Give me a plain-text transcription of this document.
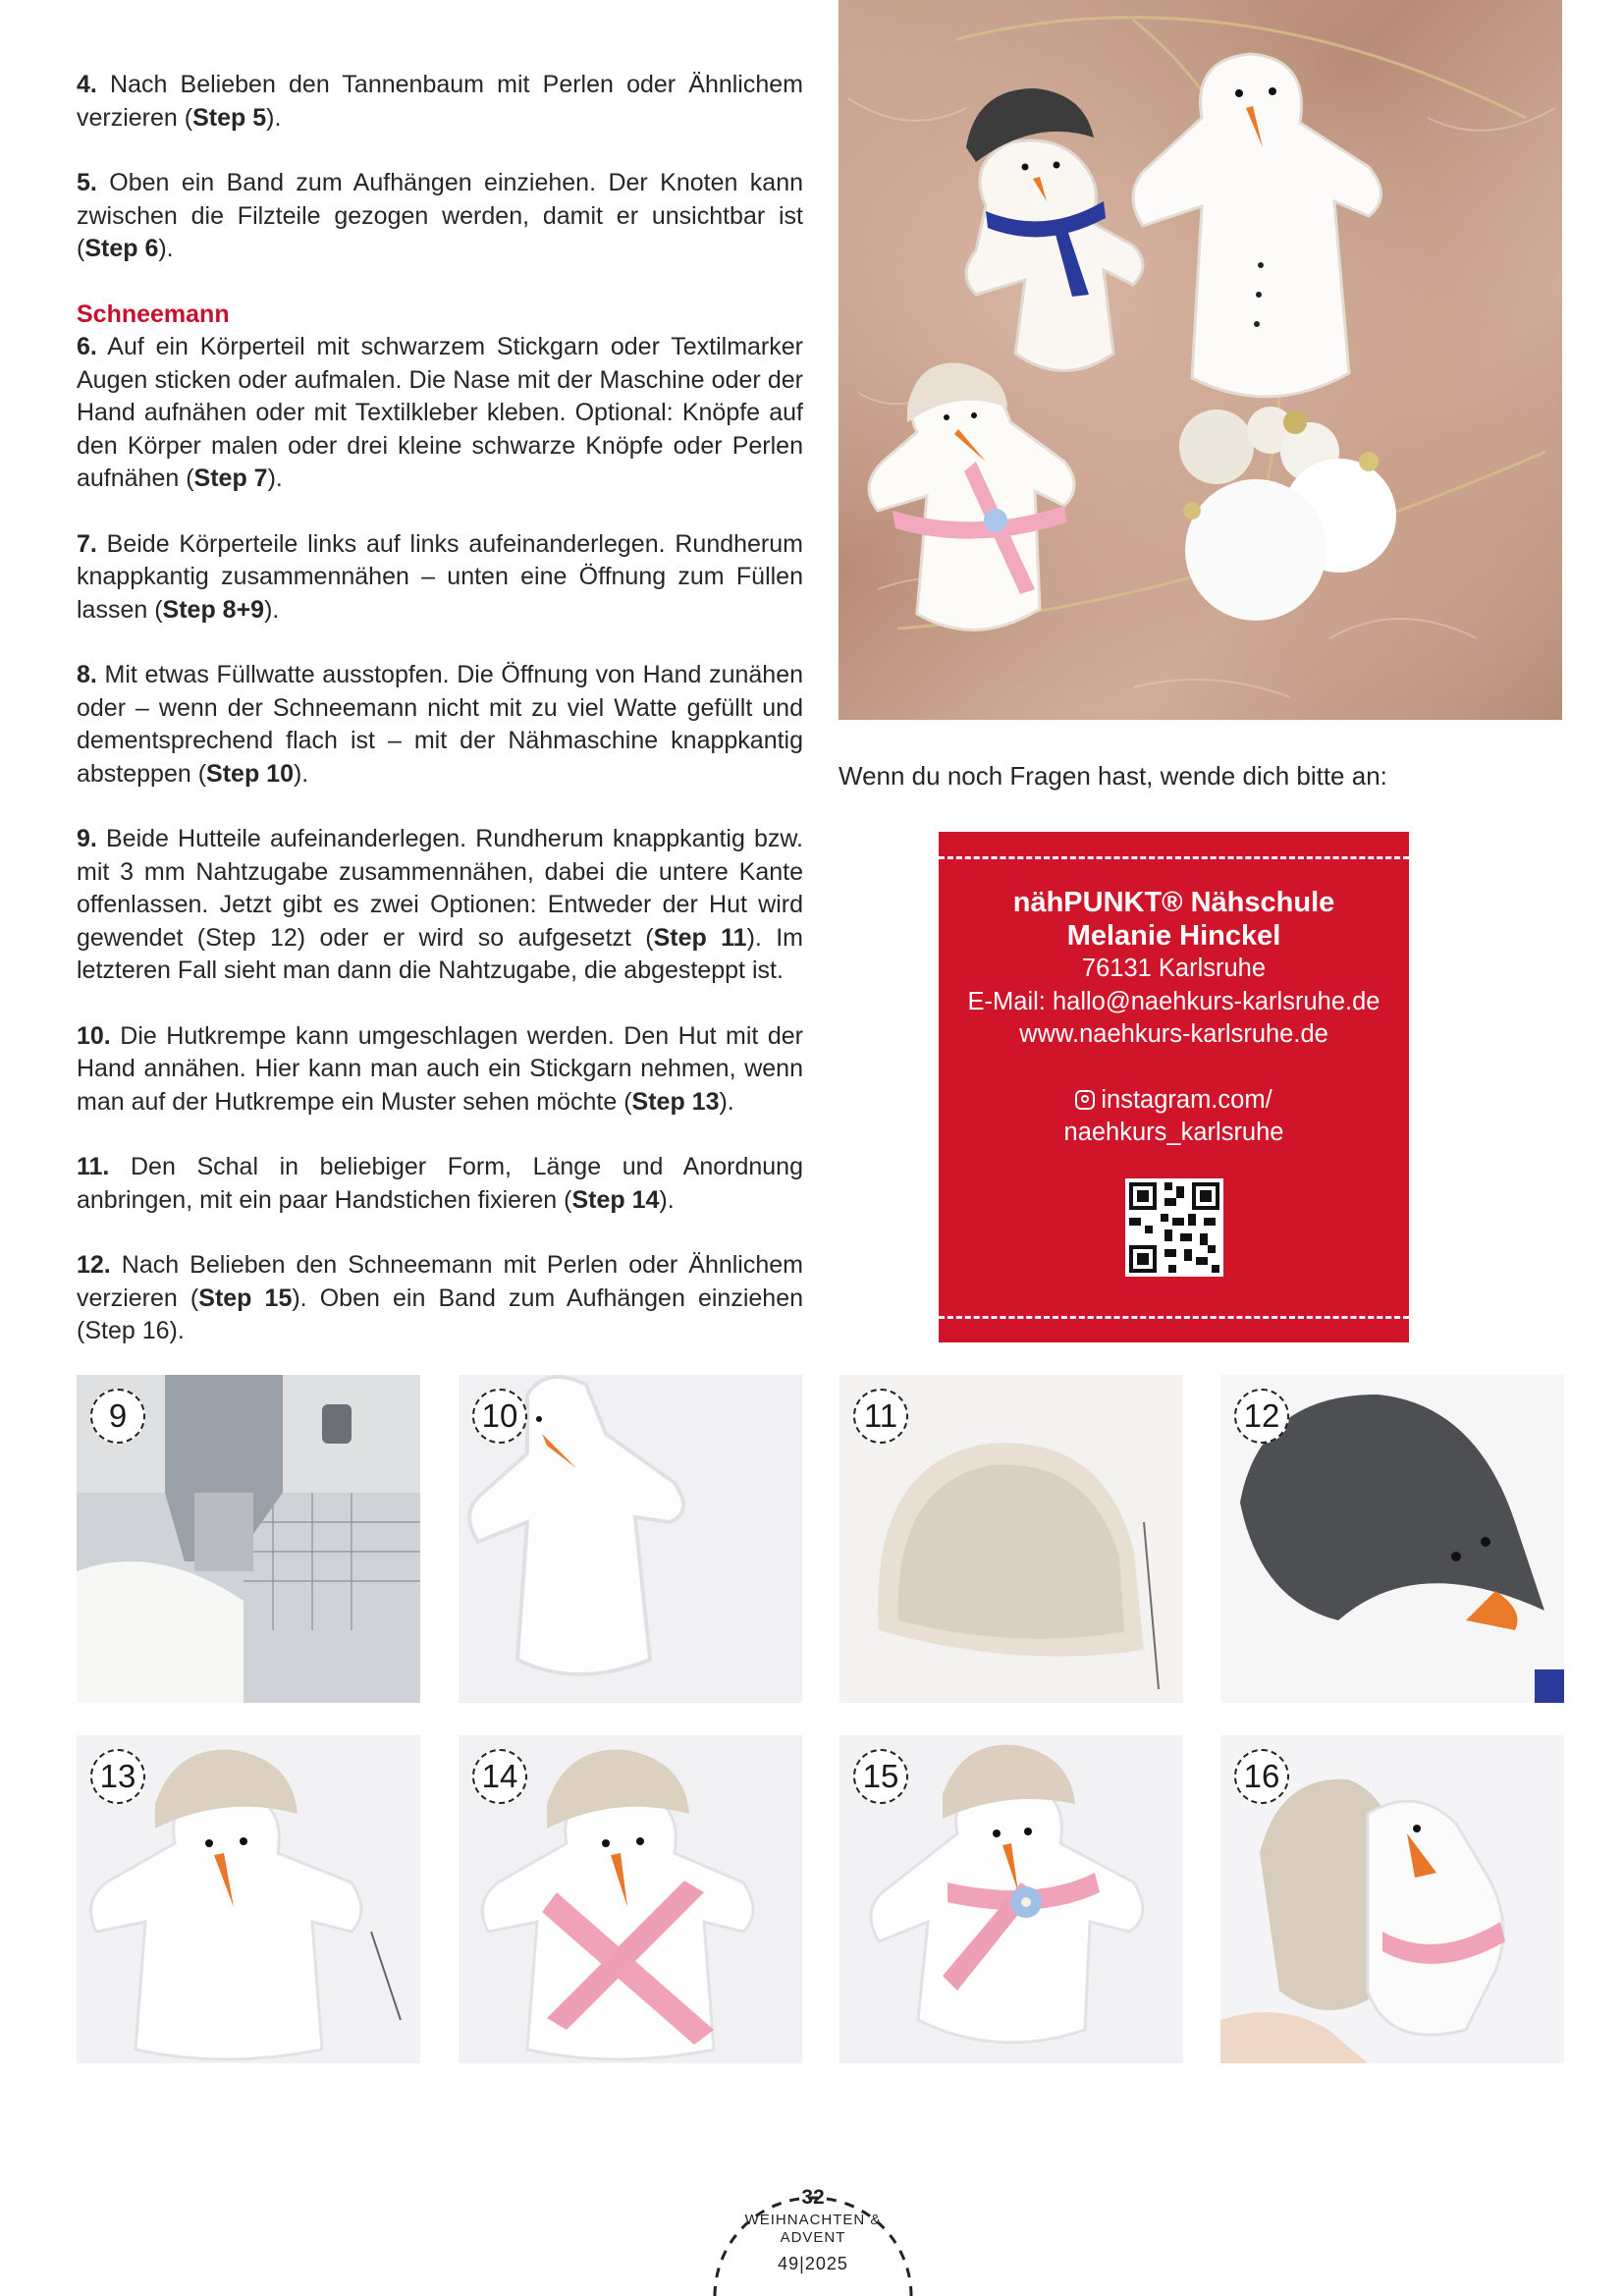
4. Nach Belieben den Tannenbaum mit Perlen oder Ähnlichem verzieren (Step 5).

5. Oben ein Band zum Aufhängen einziehen. Der Knoten kann zwischen die Filzteile gezogen werden, damit er unsichtbar ist (Step 6).

Schneemann
6. Auf ein Körperteil mit schwarzem Stickgarn oder Textilmarker Augen sticken oder aufmalen. Die Nase mit der Maschine oder der Hand aufnähen oder mit Textilkleber kleben. Optional: Knöpfe auf den Körper malen oder drei kleine schwarze Knöpfe oder Perlen aufnähen (Step 7).

7. Beide Körperteile links auf links aufeinanderlegen. Rundherum knappkantig zusammennähen – unten eine Öffnung zum Füllen lassen (Step 8+9).

8. Mit etwas Füllwatte ausstopfen. Die Öffnung von Hand zunähen oder – wenn der Schneemann nicht mit zu viel Watte gefüllt und dementsprechend flach ist – mit der Nähmaschine knappkantig absteppen (Step 10).

9. Beide Hutteile aufeinanderlegen. Rundherum knappkantig bzw. mit 3 mm Nahtzugabe zusammennähen, dabei die untere Kante offenlassen. Jetzt gibt es zwei Optionen: Entweder der Hut wird gewendet (Step 12) oder er wird so aufgesetzt (Step 11). Im letzteren Fall sieht man dann die Nahtzugabe, die abgesteppt ist.

10. Die Hutkrempe kann umgeschlagen werden. Den Hut mit der Hand annähen. Hier kann man auch ein Stickgarn nehmen, wenn man auf der Hutkrempe ein Muster sehen möchte (Step 13).

11. Den Schal in beliebiger Form, Länge und Anordnung anbringen, mit ein paar Handstichen fixieren (Step 14).

12. Nach Belieben den Schneemann mit Perlen oder Ähnlichem verzieren (Step 15). Oben ein Band zum Aufhängen einziehen (Step 16).

Wenn du noch Fragen hast, wende dich bitte an:
nähPUNKT® Nähschule
Melanie Hinckel
76131 Karlsruhe
E-Mail: hallo@naehkurs-karlsruhe.de
www.naehkurs-karlsruhe.de
instagram.com/
naehkurs_karlsruhe
9	10	11	12
13	14	15	16
32
WEIHNACHTEN &
ADVENT
49|2025
